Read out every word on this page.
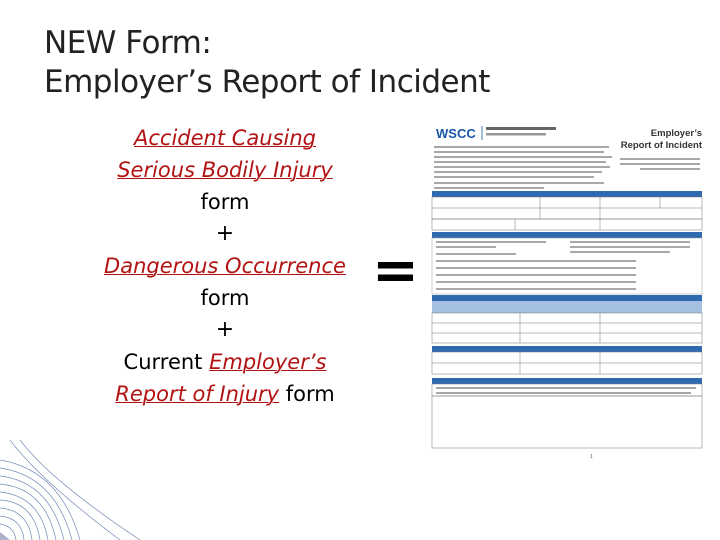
NEW Form:
Employer’s Report of Incident
Accident Causing Serious Bodily Injury form
+
Dangerous Occurrence form
+
Current Employer’s Report of Injury form
=
WSCC	Employer’s
Report of Incident
1
